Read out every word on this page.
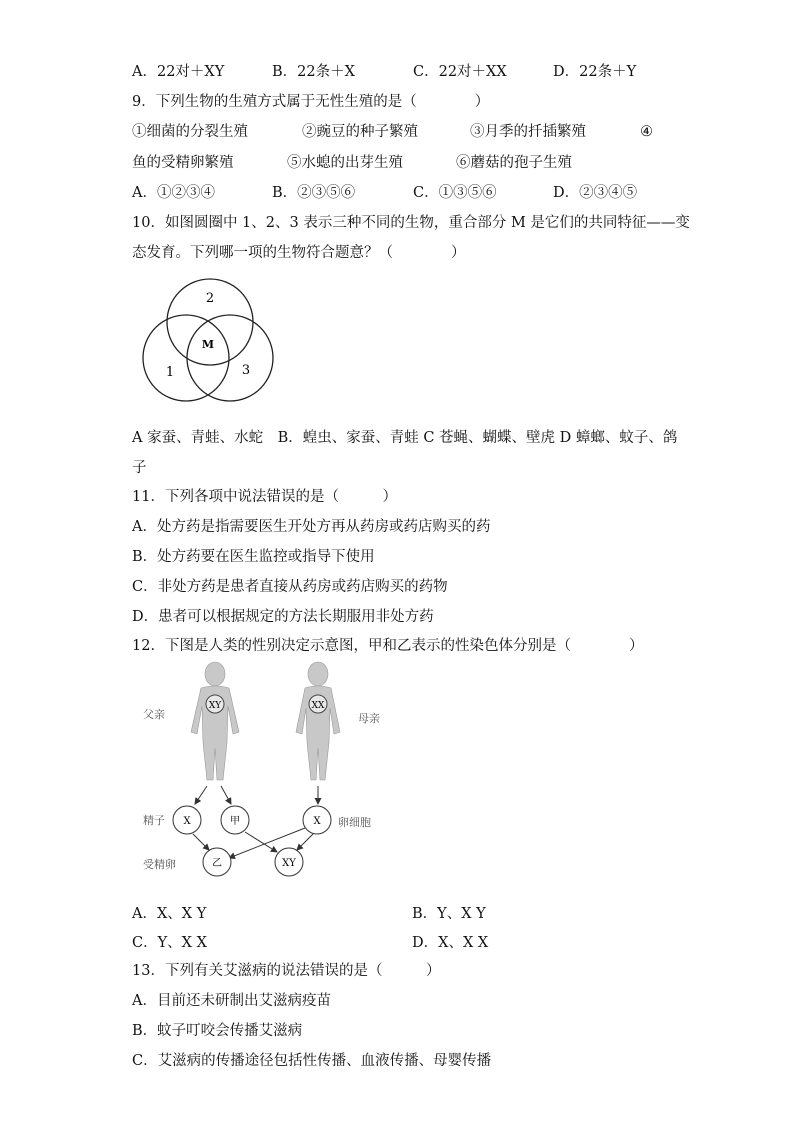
A．22对＋XY	B．22条＋X	C．22对＋XX	D．22条＋Y
9．下列生物的生殖方式属于无性生殖的是（　　　　）
①细菌的分裂生殖	②豌豆的种子繁殖	③月季的扦插繁殖	④
鱼的受精卵繁殖	⑤水螅的出芽生殖	⑥蘑菇的孢子生殖
A．①②③④	B．②③⑤⑥	C．①③⑤⑥	D．②③④⑤
10．如图圆圈中 1、2、3 表示三种不同的生物，重合部分 M 是它们的共同特征——变
态发育。下列哪一项的生物符合题意？（　　　　）
2
M
1	3
A 家蚕、青蛙、水蛇　B．蝗虫、家蚕、青蛙 C 苍蝇、蝴蝶、壁虎 D 蟑螂、蚊子、鸽
子
11．下列各项中说法错误的是（　　　）
A．处方药是指需要医生开处方再从药房或药店购买的药
B．处方药要在医生监控或指导下使用
C．非处方药是患者直接从药房或药店购买的药物
D．患者可以根据规定的方法长期服用非处方药
12．下图是人类的性别决定示意图，甲和乙表示的性染色体分别是（　　　　）
XY
父亲
XX
母亲
精子 X	甲	X 卵细胞
受精卵	乙	XY
A．X、X Y	B．Y、X Y
C．Y、X X	D．X、X X
13．下列有关艾滋病的说法错误的是（　　　）
A．目前还未研制出艾滋病疫苗
B．蚊子叮咬会传播艾滋病
C．艾滋病的传播途径包括性传播、血液传播、母婴传播
